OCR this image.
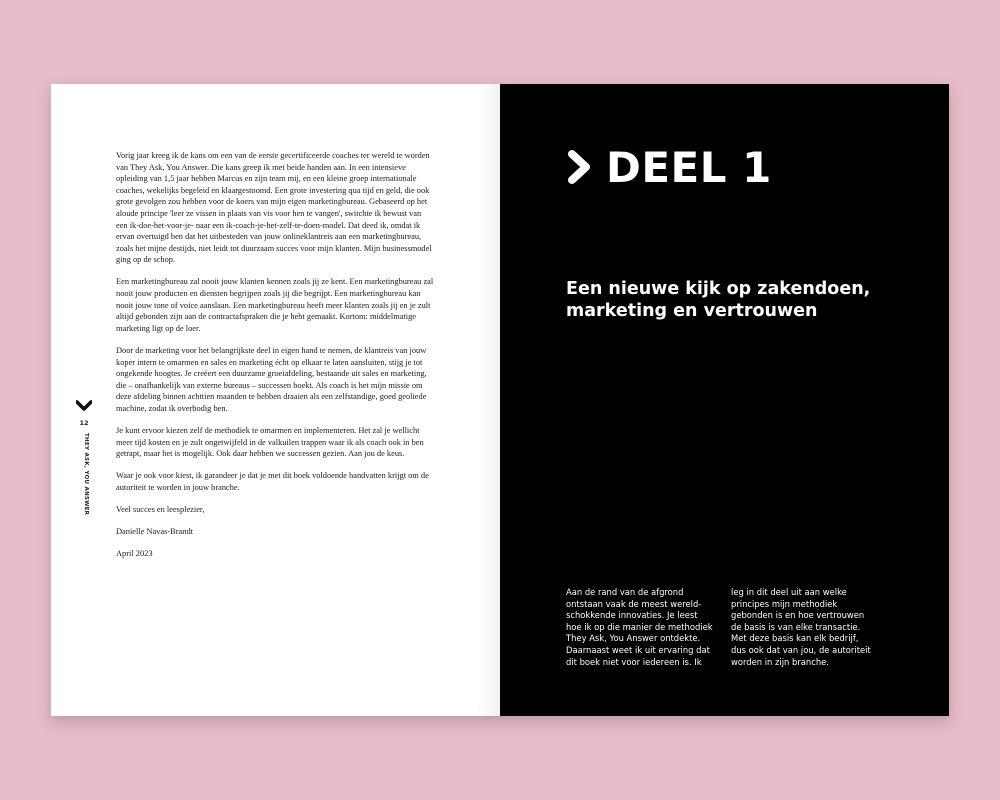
12
THEY ASK, YOU ANSWER

Vorig jaar kreeg ik de kans om een van de eerste gecertificeerde coaches ter wereld te worden van They Ask, You Answer. Die kans greep ik met beide handen aan. In een intensieve opleiding van 1,5 jaar hebben Marcus en zijn team mij, en een kleine groep internationale coaches, wekelijks begeleid en klaargestoomd. Een grote investering qua tijd en geld, die ook grote gevolgen zou hebben voor de koers van mijn eigen marketingbureau. Gebaseerd op het aloude principe 'leer ze vissen in plaats van vis voor hen te vangen', switchte ik bewust van een ik-doe-het-voor-je- naar een ik-coach-je-het-zelf-te-doen-model. Dat deed ik, omdat ik ervan overtuigd ben dat het uitbesteden van jouw onlineklantreis aan een marketingbureau, zoals het mijne destijds, niet leidt tot duurzaam succes voor mijn klanten. Mijn businessmodel ging op de schop.

Een marketingbureau zal nooit jouw klanten kennen zoals jij ze kent. Een marketingbureau zal nooit jouw producten en diensten begrijpen zoals jij die begrijpt. Een marketingbureau kan nooit jouw tone of voice aanslaan. Een marketingbureau heeft meer klanten zoals jij en je zult altijd gebonden zijn aan de contractafspraken die je hebt gemaakt. Kortom: middelmatige marketing ligt op de loer.

Door de marketing voor het belangrijkste deel in eigen hand te nemen, de klantreis van jouw koper intern te omarmen en sales en marketing écht op elkaar te laten aansluiten, stijg je tot ongekende hoogtes. Je creëert een duurzame groeiafdeling, bestaande uit sales en marketing, die – onafhankelijk van externe bureaus – successen boekt. Als coach is het mijn missie om deze afdeling binnen achttien maanden te hebben draaien als een zelfstandige, goed geoliede machine, zodat ik overbodig ben.

Je kunt ervoor kiezen zelf de methodiek te omarmen en implementeren. Het zal je wellicht meer tijd kosten en je zult ongetwijfeld in de valkuilen trappen waar ik als coach ook in ben getrapt, maar het is mogelijk. Ook daar hebben we successen gezien. Aan jou de keus.

Waar je ook voor kiest, ik garandeer je dat je met dit boek voldoende handvatten krijgt om de autoriteit te worden in jouw branche.

Veel succes en leesplezier,

Danielle Navas-Brandt

April 2023

DEEL 1
Een nieuwe kijk op zakendoen, marketing en vertrouwen
Aan de rand van de afgrond
ontstaan vaak de meest wereld-
schokkende innovaties. Je leest
hoe ik op die manier de methodiek
They Ask, You Answer ontdekte.
Daarnaast weet ik uit ervaring dat
dit boek niet voor iedereen is. Ik
leg in dit deel uit aan welke
principes mijn methodiek
gebonden is en hoe vertrouwen
de basis is van elke transactie.
Met deze basis kan elk bedrijf,
dus ook dat van jou, de autoriteit
worden in zijn branche.
